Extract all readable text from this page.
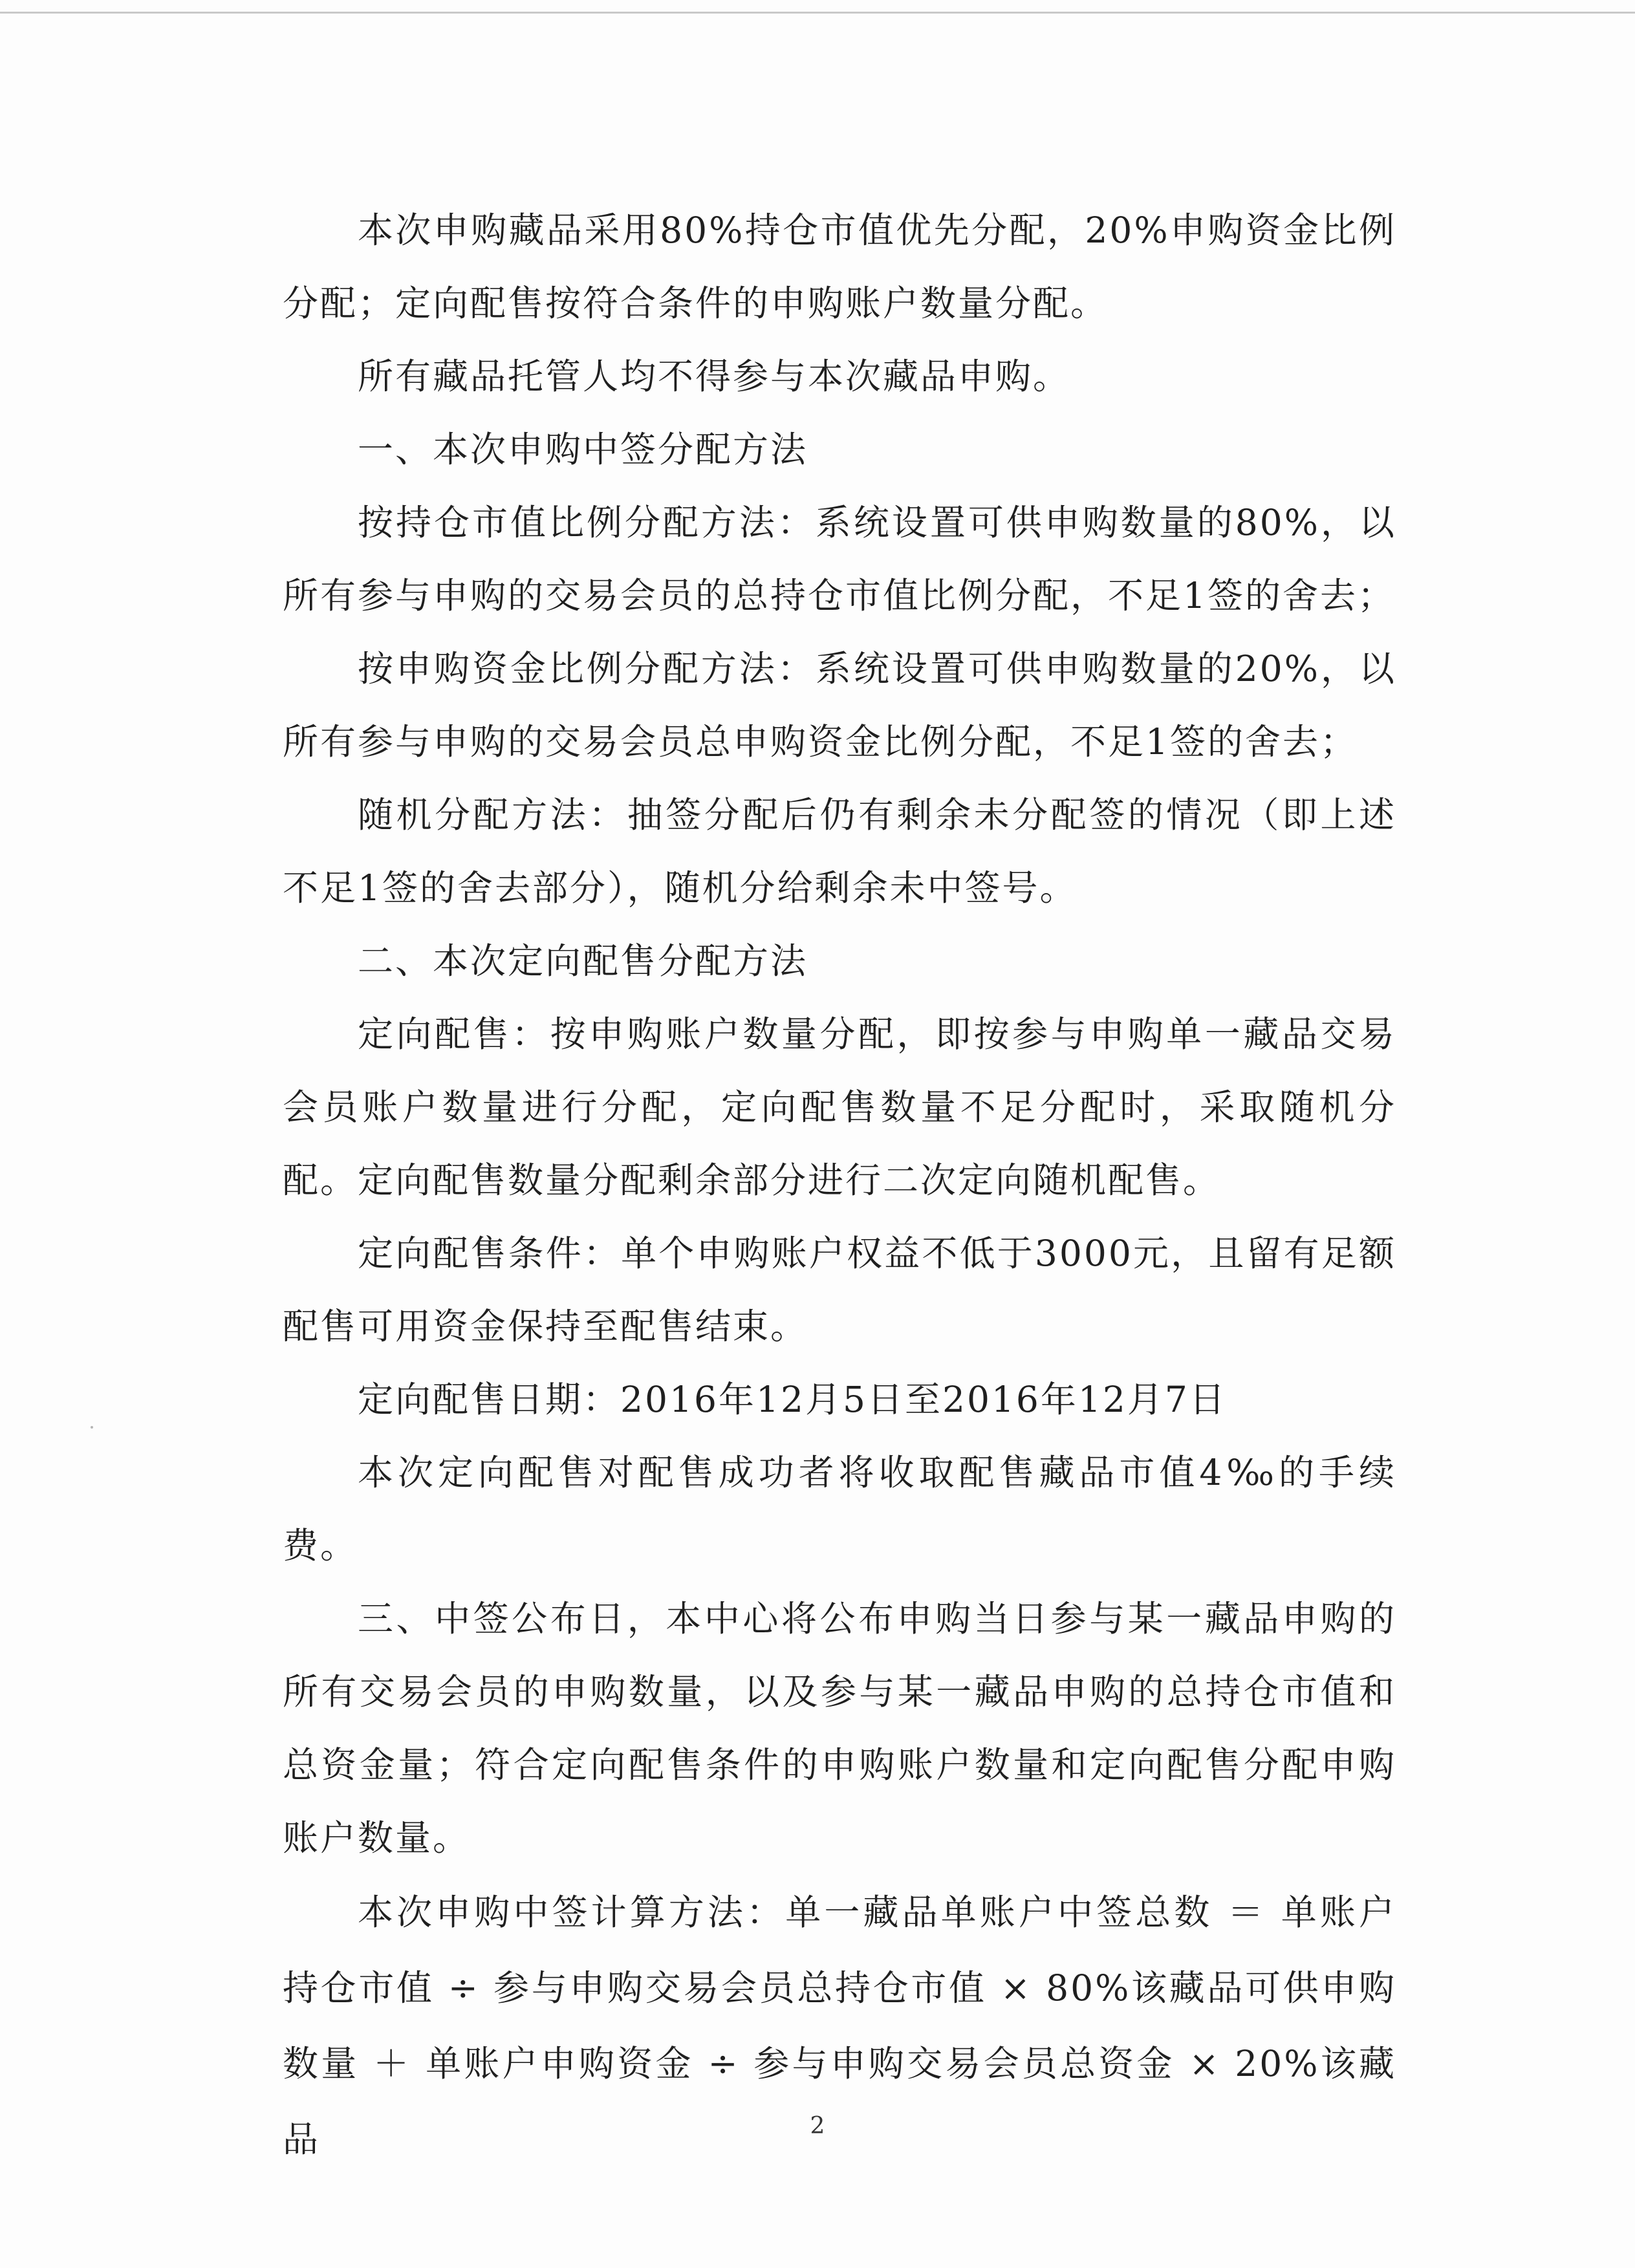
本次申购藏品采用80%持仓市值优先分配，20%申购资金比例分配；定向配售按符合条件的申购账户数量分配。

所有藏品托管人均不得参与本次藏品申购。

一、本次申购中签分配方法

按持仓市值比例分配方法：系统设置可供申购数量的80%，以所有参与申购的交易会员的总持仓市值比例分配，不足1签的舍去；

按申购资金比例分配方法：系统设置可供申购数量的20%，以所有参与申购的交易会员总申购资金比例分配，不足1签的舍去；

随机分配方法：抽签分配后仍有剩余未分配签的情况（即上述不足1签的舍去部分），随机分给剩余未中签号。

二、本次定向配售分配方法

定向配售：按申购账户数量分配，即按参与申购单一藏品交易会员账户数量进行分配，定向配售数量不足分配时，采取随机分配。定向配售数量分配剩余部分进行二次定向随机配售。

定向配售条件：单个申购账户权益不低于3000元，且留有足额配售可用资金保持至配售结束。

定向配售日期：2016年12月5日至2016年12月7日

本次定向配售对配售成功者将收取配售藏品市值4‰的手续费。

三、中签公布日，本中心将公布申购当日参与某一藏品申购的所有交易会员的申购数量，以及参与某一藏品申购的总持仓市值和总资金量；符合定向配售条件的申购账户数量和定向配售分配申购账户数量。

本次申购中签计算方法：单一藏品单账户中签总数 ＝ 单账户持仓市值 ÷ 参与申购交易会员总持仓市值 × 80%该藏品可供申购数量 ＋ 单账户申购资金 ÷ 参与申购交易会员总资金 × 20%该藏品	2
